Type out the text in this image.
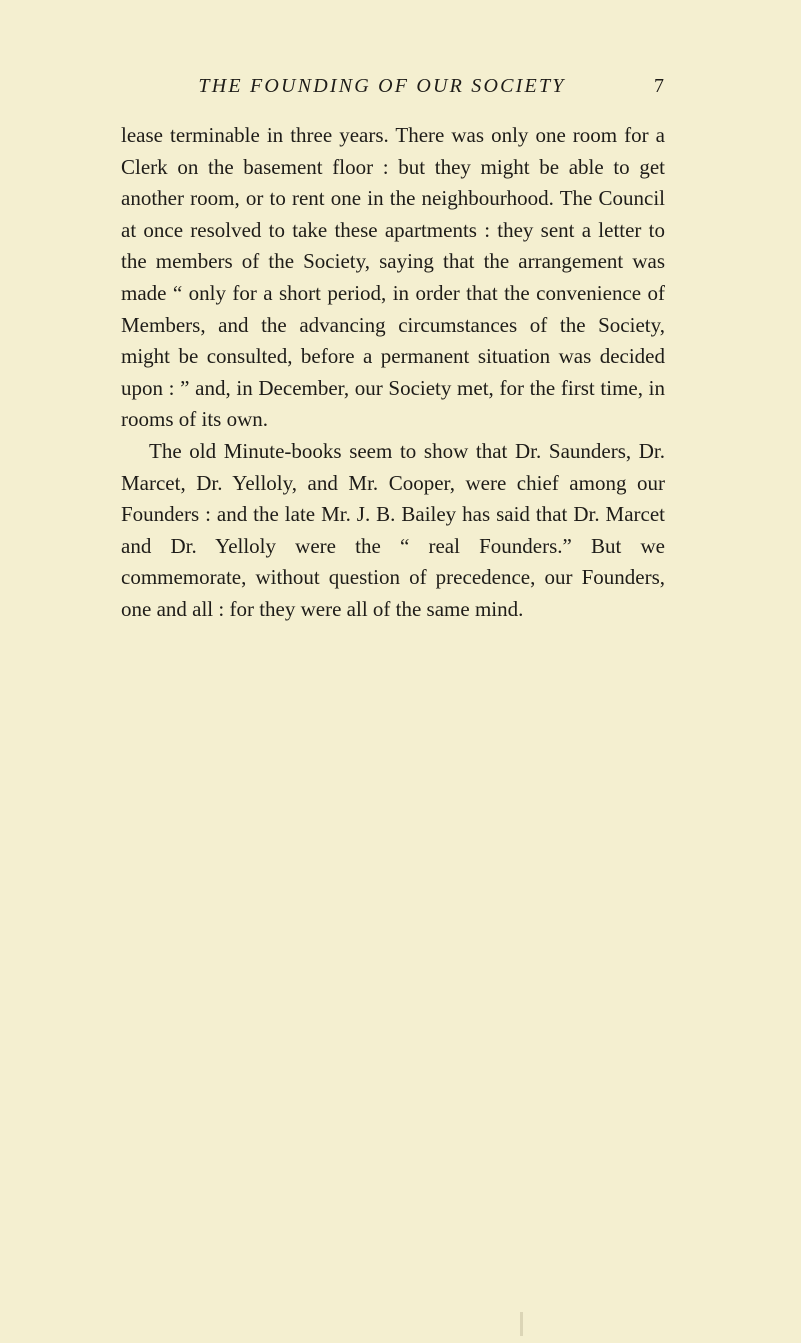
THE FOUNDING OF OUR SOCIETY	7

lease terminable in three years. There was only one room for a Clerk on the basement floor : but they might be able to get another room, or to rent one in the neighbourhood. The Council at once resolved to take these apartments : they sent a letter to the members of the Society, saying that the arrangement was made “ only for a short period, in order that the convenience of Members, and the advancing circumstances of the Society, might be consulted, before a permanent situation was decided upon : ” and, in December, our Society met, for the first time, in rooms of its own.

The old Minute-books seem to show that Dr. Saunders, Dr. Marcet, Dr. Yelloly, and Mr. Cooper, were chief among our Founders : and the late Mr. J. B. Bailey has said that Dr. Marcet and Dr. Yelloly were the “ real Founders.” But we commemorate, without question of precedence, our Founders, one and all : for they were all of the same mind.
